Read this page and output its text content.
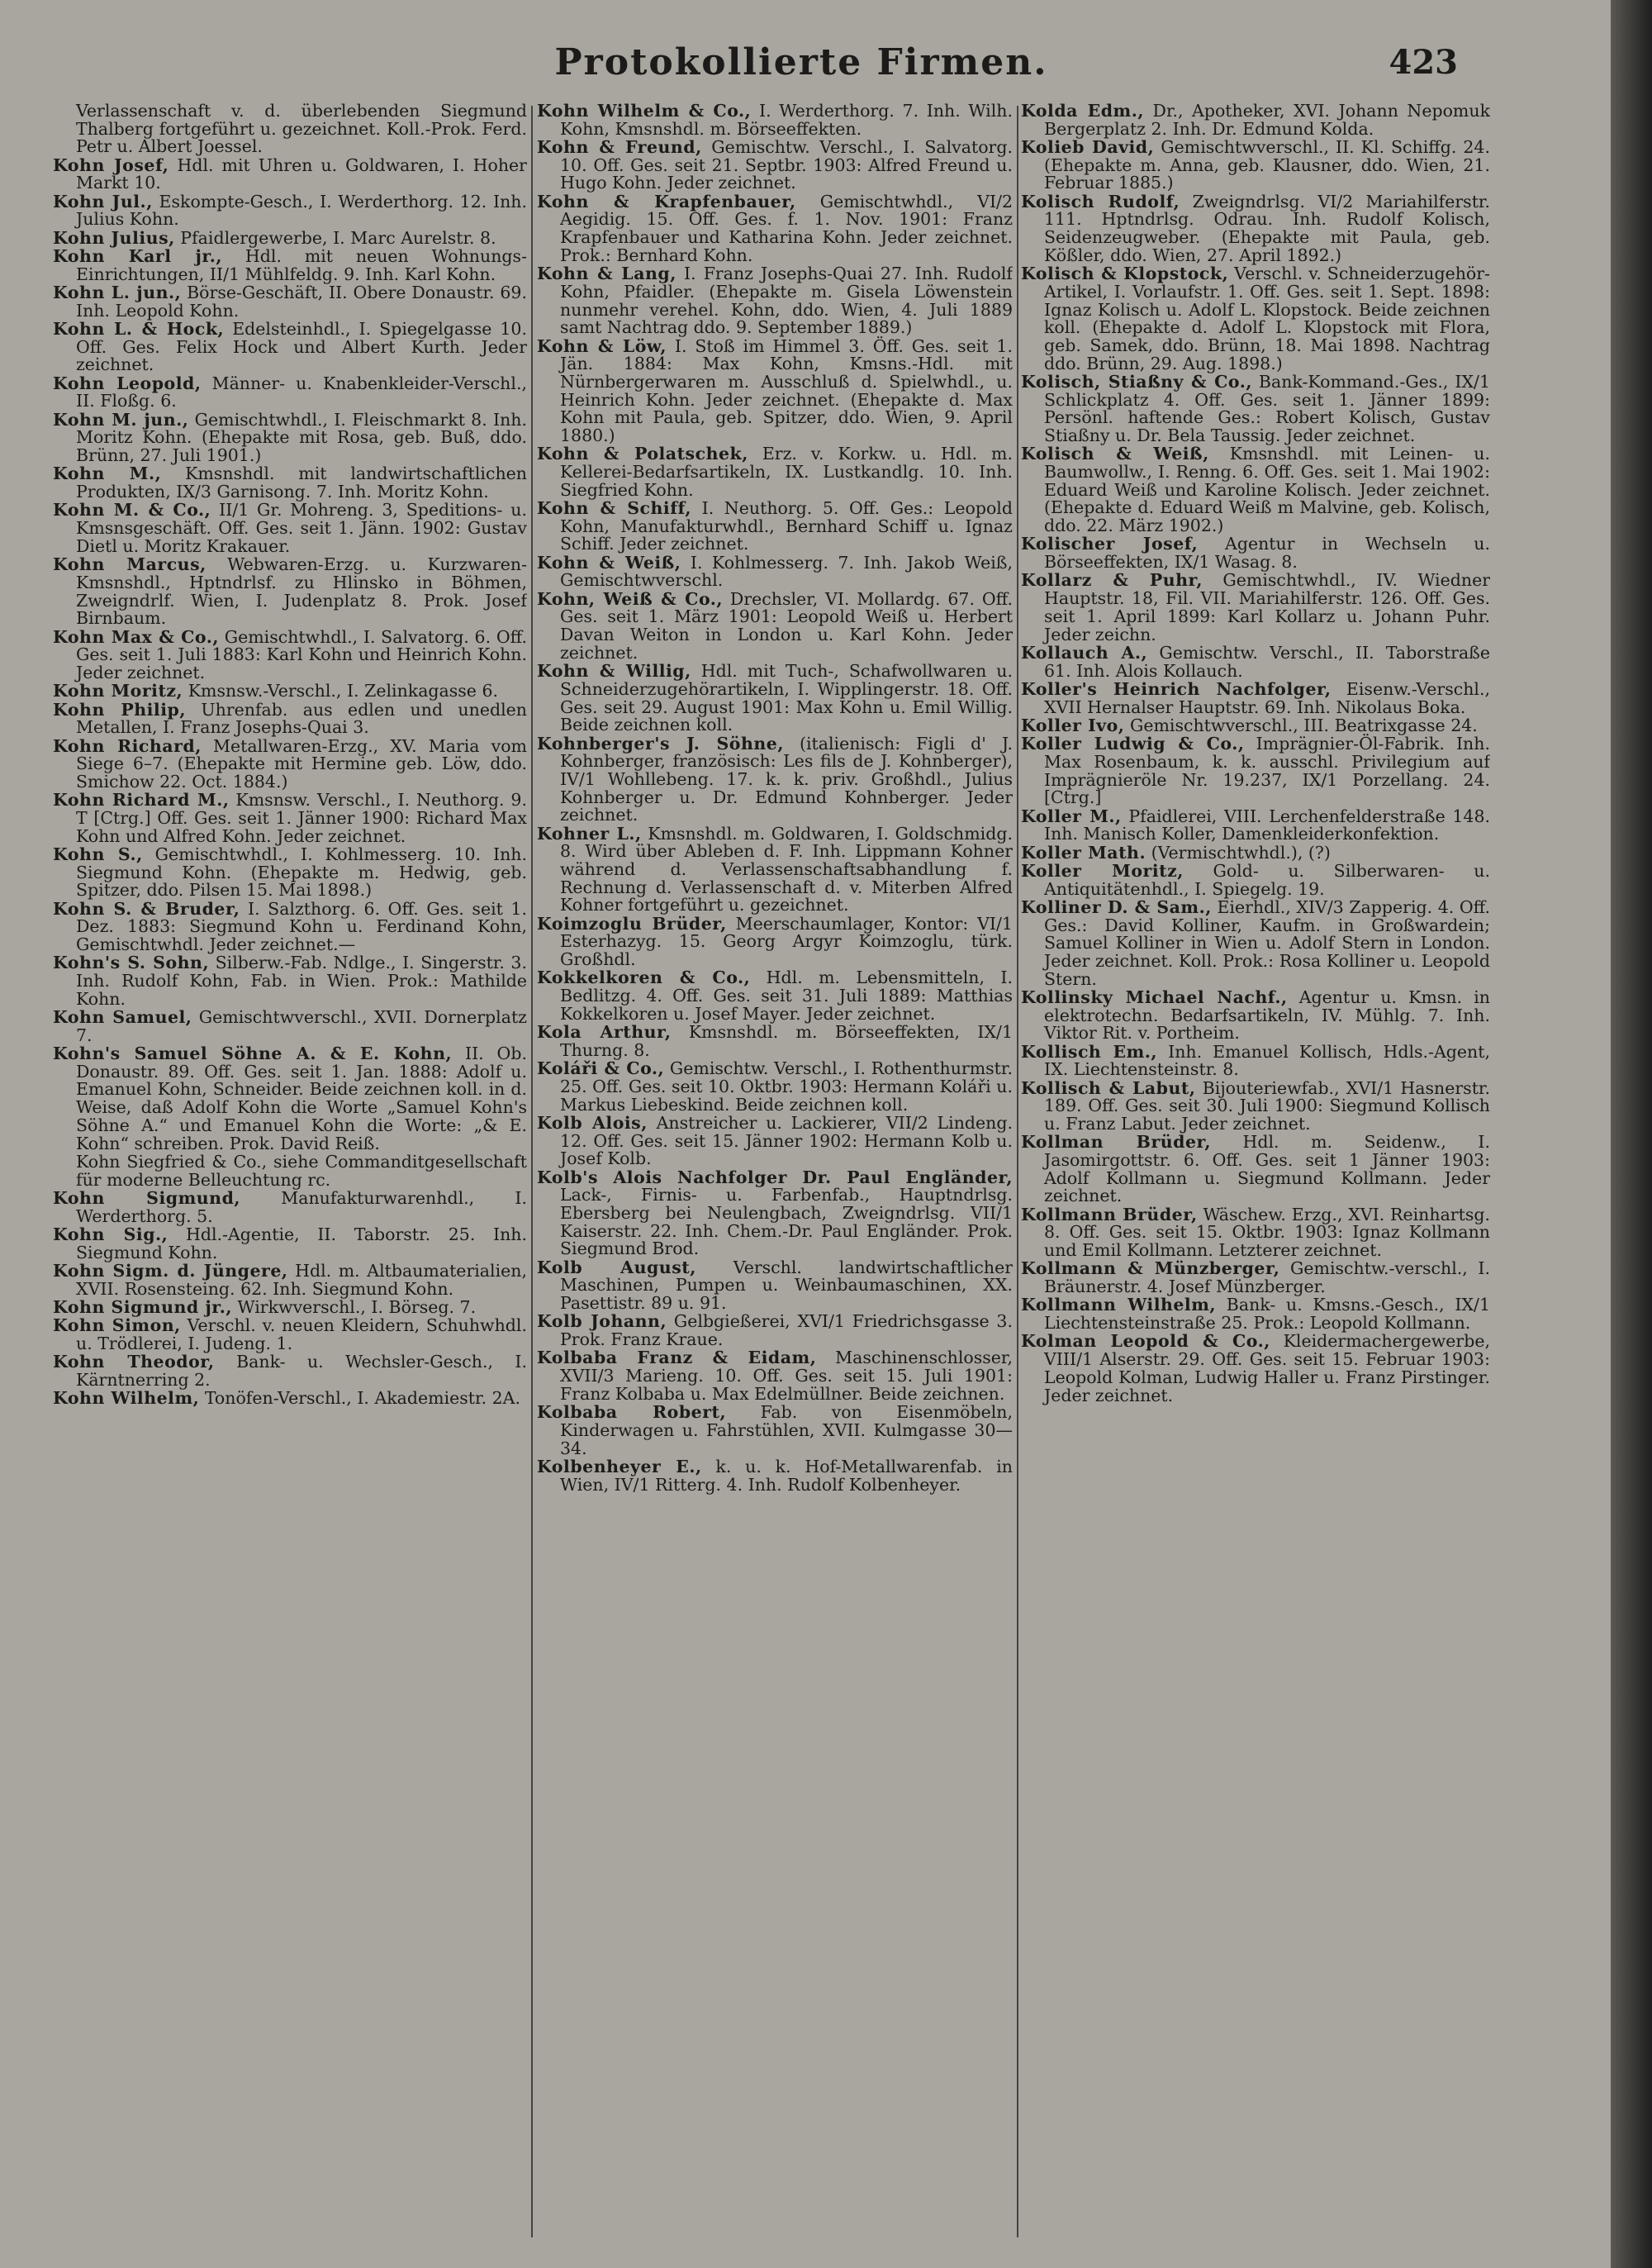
Protokollierte Firmen.	423

Verlassenschaft v. d. überlebenden Siegmund Thalberg fortgeführt u. gezeichnet. Koll.-Prok. Ferd. Petr u. Albert Joessel.

Kohn Josef, Hdl. mit Uhren u. Goldwaren, I. Hoher Markt 10.

Kohn Jul., Eskompte-Gesch., I. Werderthorg. 12. Inh. Julius Kohn.

Kohn Julius, Pfaidlergewerbe, I. Marc Aurelstr. 8.

Kohn Karl jr., Hdl. mit neuen Wohnungs-Einrichtungen, II/1 Mühlfeldg. 9. Inh. Karl Kohn.

Kohn L. jun., Börse-Geschäft, II. Obere Donaustr. 69. Inh. Leopold Kohn.

Kohn L. & Hock, Edelsteinhdl., I. Spiegelgasse 10. Off. Ges. Felix Hock und Albert Kurth. Jeder zeichnet.

Kohn Leopold, Männer- u. Knabenkleider-Verschl., II. Floßg. 6.

Kohn M. jun., Gemischtwhdl., I. Fleischmarkt 8. Inh. Moritz Kohn. (Ehepakte mit Rosa, geb. Buß, ddo. Brünn, 27. Juli 1901.)

Kohn M., Kmsnshdl. mit landwirtschaftlichen Produkten, IX/3 Garnisong. 7. Inh. Moritz Kohn.

Kohn M. & Co., II/1 Gr. Mohreng. 3, Speditions- u. Kmsnsgeschäft. Off. Ges. seit 1. Jänn. 1902: Gustav Dietl u. Moritz Krakauer.

Kohn Marcus, Webwaren-Erzg. u. Kurzwaren-Kmsnshdl., Hptndrlsf. zu Hlinsko in Böhmen, Zweigndrlf. Wien, I. Judenplatz 8. Prok. Josef Birnbaum.

Kohn Max & Co., Gemischtwhdl., I. Salvatorg. 6. Off. Ges. seit 1. Juli 1883: Karl Kohn und Heinrich Kohn. Jeder zeichnet.

Kohn Moritz, Kmsnsw.-Verschl., I. Zelinkagasse 6.

Kohn Philip, Uhrenfab. aus edlen und unedlen Metallen, I. Franz Josephs-Quai 3.

Kohn Richard, Metallwaren-Erzg., XV. Maria vom Siege 6–7. (Ehepakte mit Hermine geb. Löw, ddo. Smichow 22. Oct. 1884.)

Kohn Richard M., Kmsnsw. Verschl., I. Neuthorg. 9. T [Ctrg.] Off. Ges. seit 1. Jänner 1900: Richard Max Kohn und Alfred Kohn. Jeder zeichnet.

Kohn S., Gemischtwhdl., I. Kohlmesserg. 10. Inh. Siegmund Kohn. (Ehepakte m. Hedwig, geb. Spitzer, ddo. Pilsen 15. Mai 1898.)

Kohn S. & Bruder, I. Salzthorg. 6. Off. Ges. seit 1. Dez. 1883: Siegmund Kohn u. Ferdinand Kohn, Gemischtwhdl. Jeder zeichnet.—

Kohn's S. Sohn, Silberw.-Fab. Ndlge., I. Singerstr. 3. Inh. Rudolf Kohn, Fab. in Wien. Prok.: Mathilde Kohn.

Kohn Samuel, Gemischtwverschl., XVII. Dornerplatz 7.

Kohn's Samuel Söhne A. & E. Kohn, II. Ob. Donaustr. 89. Off. Ges. seit 1. Jan. 1888: Adolf u. Emanuel Kohn, Schneider. Beide zeichnen koll. in d. Weise, daß Adolf Kohn die Worte „Samuel Kohn's Söhne A.“ und Emanuel Kohn die Worte: „& E. Kohn“ schreiben. Prok. David Reiß.

Kohn Siegfried & Co., siehe Commanditgesellschaft für moderne Belleuchtung rc.

Kohn Sigmund, Manufakturwarenhdl., I. Werderthorg. 5.

Kohn Sig., Hdl.-Agentie, II. Taborstr. 25. Inh. Siegmund Kohn.

Kohn Sigm. d. Jüngere, Hdl. m. Altbaumaterialien, XVII. Rosensteing. 62. Inh. Siegmund Kohn.

Kohn Sigmund jr., Wirkwverschl., I. Börseg. 7.

Kohn Simon, Verschl. v. neuen Kleidern, Schuhwhdl. u. Trödlerei, I. Judeng. 1.

Kohn Theodor, Bank- u. Wechsler-Gesch., I. Kärntnerring 2.

Kohn Wilhelm, Tonöfen-Verschl., I. Akademiestr. 2A.

Kohn Wilhelm & Co., I. Werderthorg. 7. Inh. Wilh. Kohn, Kmsnshdl. m. Börseeffekten.

Kohn & Freund, Gemischtw. Verschl., I. Salvatorg. 10. Off. Ges. seit 21. Septbr. 1903: Alfred Freund u. Hugo Kohn. Jeder zeichnet.

Kohn & Krapfenbauer, Gemischtwhdl., VI/2 Aegidig. 15. Off. Ges. f. 1. Nov. 1901: Franz Krapfenbauer und Katharina Kohn. Jeder zeichnet. Prok.: Bernhard Kohn.

Kohn & Lang, I. Franz Josephs-Quai 27. Inh. Rudolf Kohn, Pfaidler. (Ehepakte m. Gisela Löwenstein nunmehr verehel. Kohn, ddo. Wien, 4. Juli 1889 samt Nachtrag ddo. 9. September 1889.)

Kohn & Löw, I. Stoß im Himmel 3. Öff. Ges. seit 1. Jän. 1884: Max Kohn, Kmsns.-Hdl. mit Nürnbergerwaren m. Ausschluß d. Spielwhdl., u. Heinrich Kohn. Jeder zeichnet. (Ehepakte d. Max Kohn mit Paula, geb. Spitzer, ddo. Wien, 9. April 1880.)

Kohn & Polatschek, Erz. v. Korkw. u. Hdl. m. Kellerei-Bedarfsartikeln, IX. Lustkandlg. 10. Inh. Siegfried Kohn.

Kohn & Schiff, I. Neuthorg. 5. Off. Ges.: Leopold Kohn, Manufakturwhdl., Bernhard Schiff u. Ignaz Schiff. Jeder zeichnet.

Kohn & Weiß, I. Kohlmesserg. 7. Inh. Jakob Weiß, Gemischtwverschl.

Kohn, Weiß & Co., Drechsler, VI. Mollardg. 67. Off. Ges. seit 1. März 1901: Leopold Weiß u. Herbert Davan Weiton in London u. Karl Kohn. Jeder zeichnet.

Kohn & Willig, Hdl. mit Tuch-, Schafwollwaren u. Schneiderzugehörartikeln, I. Wipplingerstr. 18. Off. Ges. seit 29. August 1901: Max Kohn u. Emil Willig. Beide zeichnen koll.

Kohnberger's J. Söhne, (italienisch: Figli d' J. Kohnberger, französisch: Les fils de J. Kohnberger), IV/1 Wohllebeng. 17. k. k. priv. Großhdl., Julius Kohnberger u. Dr. Edmund Kohnberger. Jeder zeichnet.

Kohner L., Kmsnshdl. m. Goldwaren, I. Goldschmidg. 8. Wird über Ableben d. F. Inh. Lippmann Kohner während d. Verlassenschaftsabhandlung f. Rechnung d. Verlassenschaft d. v. Miterben Alfred Kohner fortgeführt u. gezeichnet.

Koimzoglu Brüder, Meerschaumlager, Kontor: VI/1 Esterhazyg. 15. Georg Argyr Koimzoglu, türk. Großhdl.

Kokkelkoren & Co., Hdl. m. Lebensmitteln, I. Bedlitzg. 4. Off. Ges. seit 31. Juli 1889: Matthias Kokkelkoren u. Josef Mayer. Jeder zeichnet.

Kola Arthur, Kmsnshdl. m. Börseeffekten, IX/1 Thurng. 8.

Koláři & Co., Gemischtw. Verschl., I. Rothenthurmstr. 25. Off. Ges. seit 10. Oktbr. 1903: Hermann Koláři u. Markus Liebeskind. Beide zeichnen koll.

Kolb Alois, Anstreicher u. Lackierer, VII/2 Lindeng. 12. Off. Ges. seit 15. Jänner 1902: Hermann Kolb u. Josef Kolb.

Kolb's Alois Nachfolger Dr. Paul Engländer, Lack-, Firnis- u. Farbenfab., Hauptndrlsg. Ebersberg bei Neulengbach, Zweigndrlsg. VII/1 Kaiserstr. 22. Inh. Chem.-Dr. Paul Engländer. Prok. Siegmund Brod.

Kolb August, Verschl. landwirtschaftlicher Maschinen, Pumpen u. Weinbaumaschinen, XX. Pasettistr. 89 u. 91.

Kolb Johann, Gelbgießerei, XVI/1 Friedrichsgasse 3. Prok. Franz Kraue.

Kolbaba Franz & Eidam, Maschinenschlosser, XVII/3 Marieng. 10. Off. Ges. seit 15. Juli 1901: Franz Kolbaba u. Max Edelmüllner. Beide zeichnen.

Kolbaba Robert, Fab. von Eisenmöbeln, Kinderwagen u. Fahrstühlen, XVII. Kulmgasse 30—34.

Kolbenheyer E., k. u. k. Hof-Metallwarenfab. in Wien, IV/1 Ritterg. 4. Inh. Rudolf Kolbenheyer.

Kolda Edm., Dr., Apotheker, XVI. Johann Nepomuk Bergerplatz 2. Inh. Dr. Edmund Kolda.

Kolieb David, Gemischtwverschl., II. Kl. Schiffg. 24. (Ehepakte m. Anna, geb. Klausner, ddo. Wien, 21. Februar 1885.)

Kolisch Rudolf, Zweigndrlsg. VI/2 Mariahilferstr. 111. Hptndrlsg. Odrau. Inh. Rudolf Kolisch, Seidenzeugweber. (Ehepakte mit Paula, geb. Kößler, ddo. Wien, 27. April 1892.)

Kolisch & Klopstock, Verschl. v. Schneiderzugehör-Artikel, I. Vorlaufstr. 1. Off. Ges. seit 1. Sept. 1898: Ignaz Kolisch u. Adolf L. Klopstock. Beide zeichnen koll. (Ehepakte d. Adolf L. Klopstock mit Flora, geb. Samek, ddo. Brünn, 18. Mai 1898. Nachtrag ddo. Brünn, 29. Aug. 1898.)

Kolisch, Stiaßny & Co., Bank-Kommand.-Ges., IX/1 Schlickplatz 4. Off. Ges. seit 1. Jänner 1899: Persönl. haftende Ges.: Robert Kolisch, Gustav Stiaßny u. Dr. Bela Taussig. Jeder zeichnet.

Kolisch & Weiß, Kmsnshdl. mit Leinen- u. Baumwollw., I. Renng. 6. Off. Ges. seit 1. Mai 1902: Eduard Weiß und Karoline Kolisch. Jeder zeichnet. (Ehepakte d. Eduard Weiß m Malvine, geb. Kolisch, ddo. 22. März 1902.)

Kolischer Josef, Agentur in Wechseln u. Börseeffekten, IX/1 Wasag. 8.

Kollarz & Puhr, Gemischtwhdl., IV. Wiedner Hauptstr. 18, Fil. VII. Mariahilferstr. 126. Off. Ges. seit 1. April 1899: Karl Kollarz u. Johann Puhr. Jeder zeichn.

Kollauch A., Gemischtw. Verschl., II. Taborstraße 61. Inh. Alois Kollauch.

Koller's Heinrich Nachfolger, Eisenw.-Verschl., XVII Hernalser Hauptstr. 69. Inh. Nikolaus Boka.

Koller Ivo, Gemischtwverschl., III. Beatrixgasse 24.

Koller Ludwig & Co., Imprägnier-Öl-Fabrik. Inh. Max Rosenbaum, k. k. ausschl. Privilegium auf Imprägnieröle Nr. 19.237, IX/1 Porzellang. 24. [Ctrg.]

Koller M., Pfaidlerei, VIII. Lerchenfelderstraße 148. Inh. Manisch Koller, Damenkleiderkonfektion.

Koller Math. (Vermischtwhdl.), (?)

Koller Moritz, Gold- u. Silberwaren- u. Antiquitätenhdl., I. Spiegelg. 19.

Kolliner D. & Sam., Eierhdl., XIV/3 Zapperig. 4. Off. Ges.: David Kolliner, Kaufm. in Großwardein; Samuel Kolliner in Wien u. Adolf Stern in London. Jeder zeichnet. Koll. Prok.: Rosa Kolliner u. Leopold Stern.

Kollinsky Michael Nachf., Agentur u. Kmsn. in elektrotechn. Bedarfsartikeln, IV. Mühlg. 7. Inh. Viktor Rit. v. Portheim.

Kollisch Em., Inh. Emanuel Kollisch, Hdls.-Agent, IX. Liechtensteinstr. 8.

Kollisch & Labut, Bijouteriewfab., XVI/1 Hasnerstr. 189. Off. Ges. seit 30. Juli 1900: Siegmund Kollisch u. Franz Labut. Jeder zeichnet.

Kollman Brüder, Hdl. m. Seidenw., I. Jasomirgottstr. 6. Off. Ges. seit 1 Jänner 1903: Adolf Kollmann u. Siegmund Kollmann. Jeder zeichnet.

Kollmann Brüder, Wäschew. Erzg., XVI. Reinhartsg. 8. Off. Ges. seit 15. Oktbr. 1903: Ignaz Kollmann und Emil Kollmann. Letzterer zeichnet.

Kollmann & Münzberger, Gemischtw.-verschl., I. Bräunerstr. 4. Josef Münzberger.

Kollmann Wilhelm, Bank- u. Kmsns.-Gesch., IX/1 Liechtensteinstraße 25. Prok.: Leopold Kollmann.

Kolman Leopold & Co., Kleidermachergewerbe, VIII/1 Alserstr. 29. Off. Ges. seit 15. Februar 1903: Leopold Kolman, Ludwig Haller u. Franz Pirstinger. Jeder zeichnet.
